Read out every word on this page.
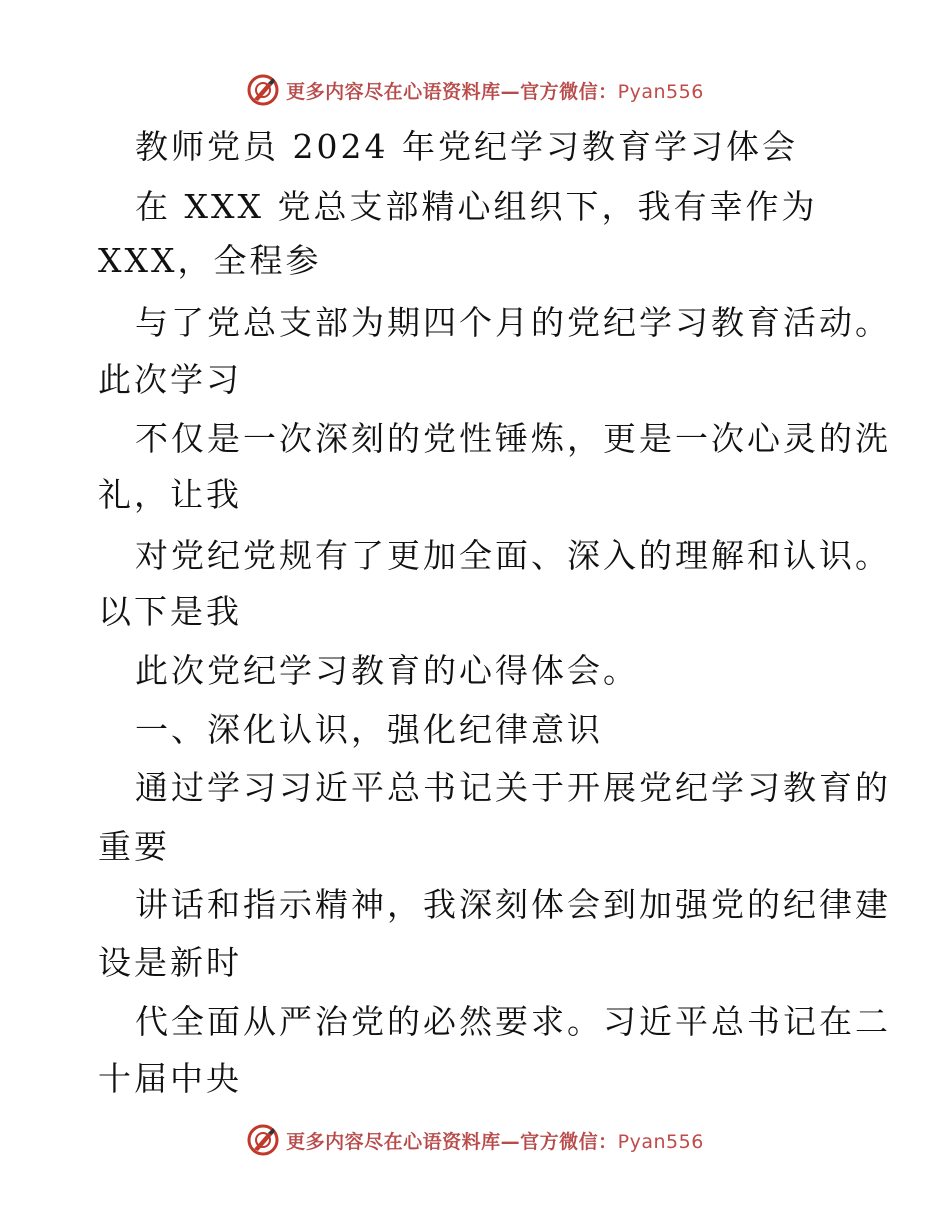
更多内容尽在心语资料库—官方微信：Pyan556
教师党员 2024 年党纪学习教育学习体会
在 XXX 党总支部精心组织下，我有幸作为
XXX，全程参
与了党总支部为期四个月的党纪学习教育活动。
此次学习
不仅是一次深刻的党性锤炼，更是一次心灵的洗
礼，让我
对党纪党规有了更加全面、深入的理解和认识。
以下是我
此次党纪学习教育的心得体会。
一、深化认识，强化纪律意识
通过学习习近平总书记关于开展党纪学习教育的
重要
讲话和指示精神，我深刻体会到加强党的纪律建
设是新时
代全面从严治党的必然要求。习近平总书记在二
十届中央
更多内容尽在心语资料库—官方微信：Pyan556
